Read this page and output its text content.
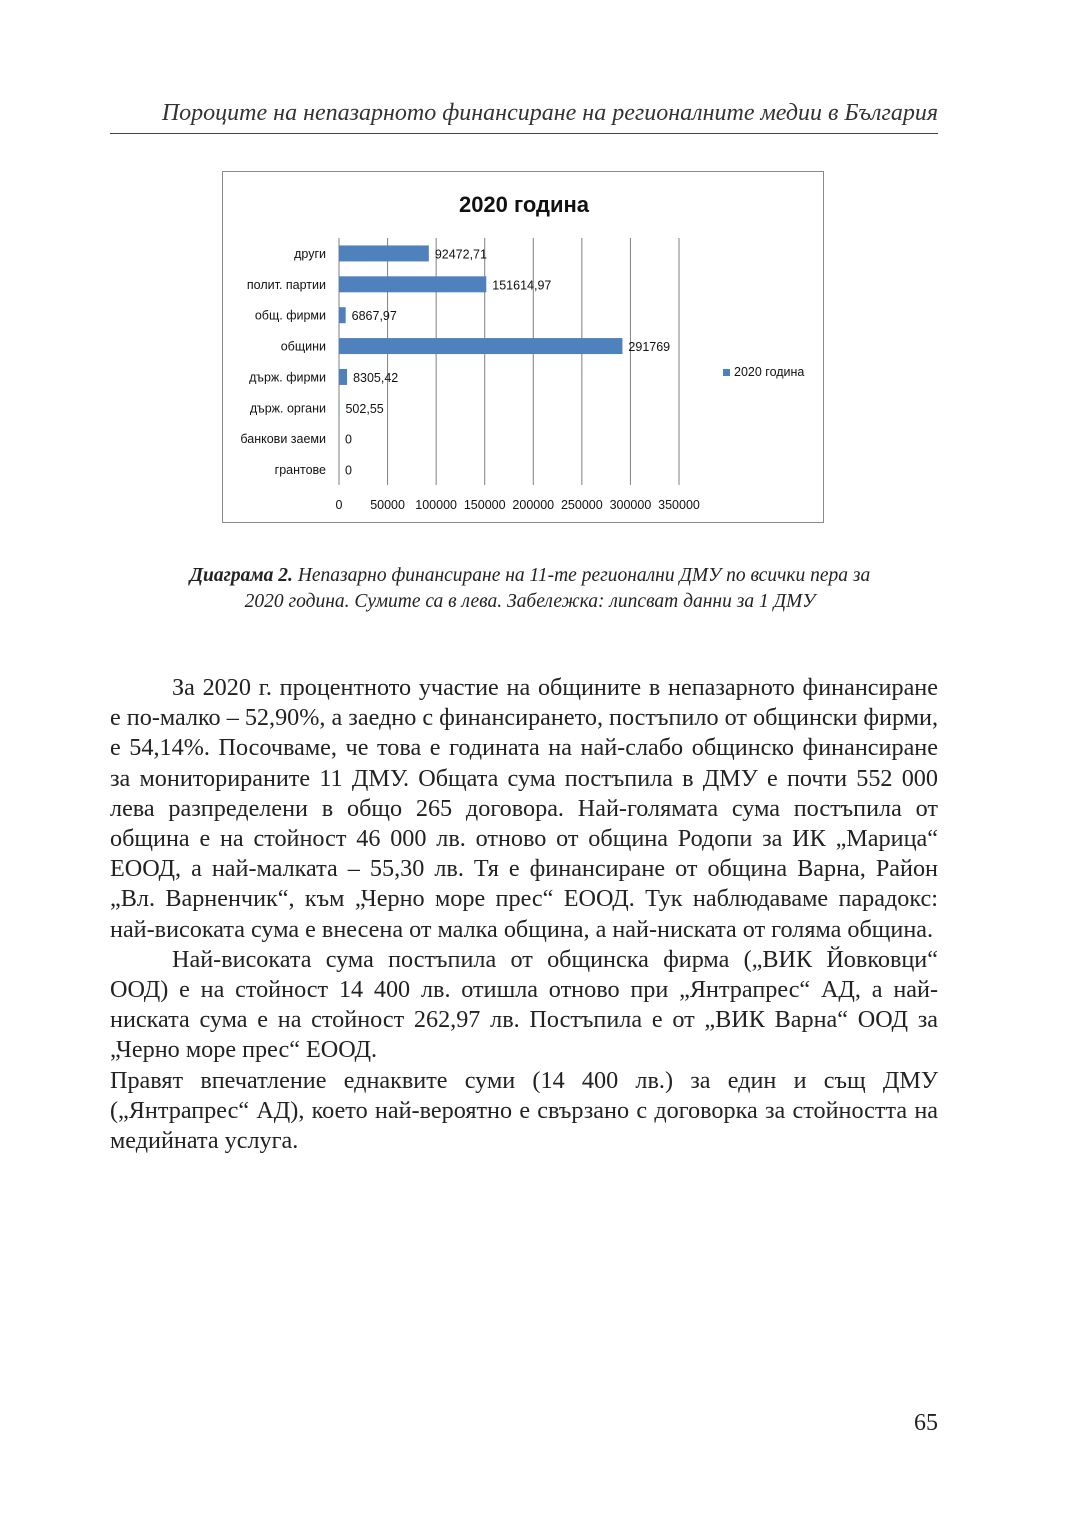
Пороците на непазарното финансиране на регионалните медии в България
2020 година
0 50000 100000 150000 200000 250000 300000 350000
други	92472,71
полит. партии	151614,97
общ. фирми 6867,97
общини	291769
държ. фирми 8305,42
държ. органи 502,55
банкови заеми 0
грантове 0
2020 година
Диаграма 2. Непазарно финансиране на 11-те регионални ДМУ по всички пера за 2020 година. Сумите са в лева. Забележка: липсват данни за 1 ДМУ

За 2020 г. процентното участие на общините в непазарното финансиране е по-малко – 52,90%, а заедно с финансирането, постъпило от общински фирми, е 54,14%. Посочваме, че това е годината на най-слабо общинско финансиране за мониторираните 11 ДМУ. Общата сума постъпила в ДМУ е почти 552 000 лева разпределени в общо 265 договора. Най-голямата сума постъпила от община е на стойност 46 000 лв. отново от община Родопи за ИК „Марица“ ЕООД, а най-малката – 55,30 лв. Тя е финансиране от община Варна, Район „Вл. Варненчик“, към „Черно море прес“ ЕООД. Тук наблюдаваме парадокс: най-високата сума е внесена от малка община, а най-ниската от голяма община.

Най-високата сума постъпила от общинска фирма („ВИК Йовковци“ ООД) е на стойност 14 400 лв. отишла отново при „Янтрапрес“ АД, а най-ниската сума е на стойност 262,97 лв. Постъпила е от „ВИК Варна“ ООД за „Черно море прес“ ЕООД.

Правят впечатление еднаквите суми (14 400 лв.) за един и същ ДМУ („Янтрапрес“ АД), което най-вероятно е свързано с договорка за стойността на медийната услуга.

65
